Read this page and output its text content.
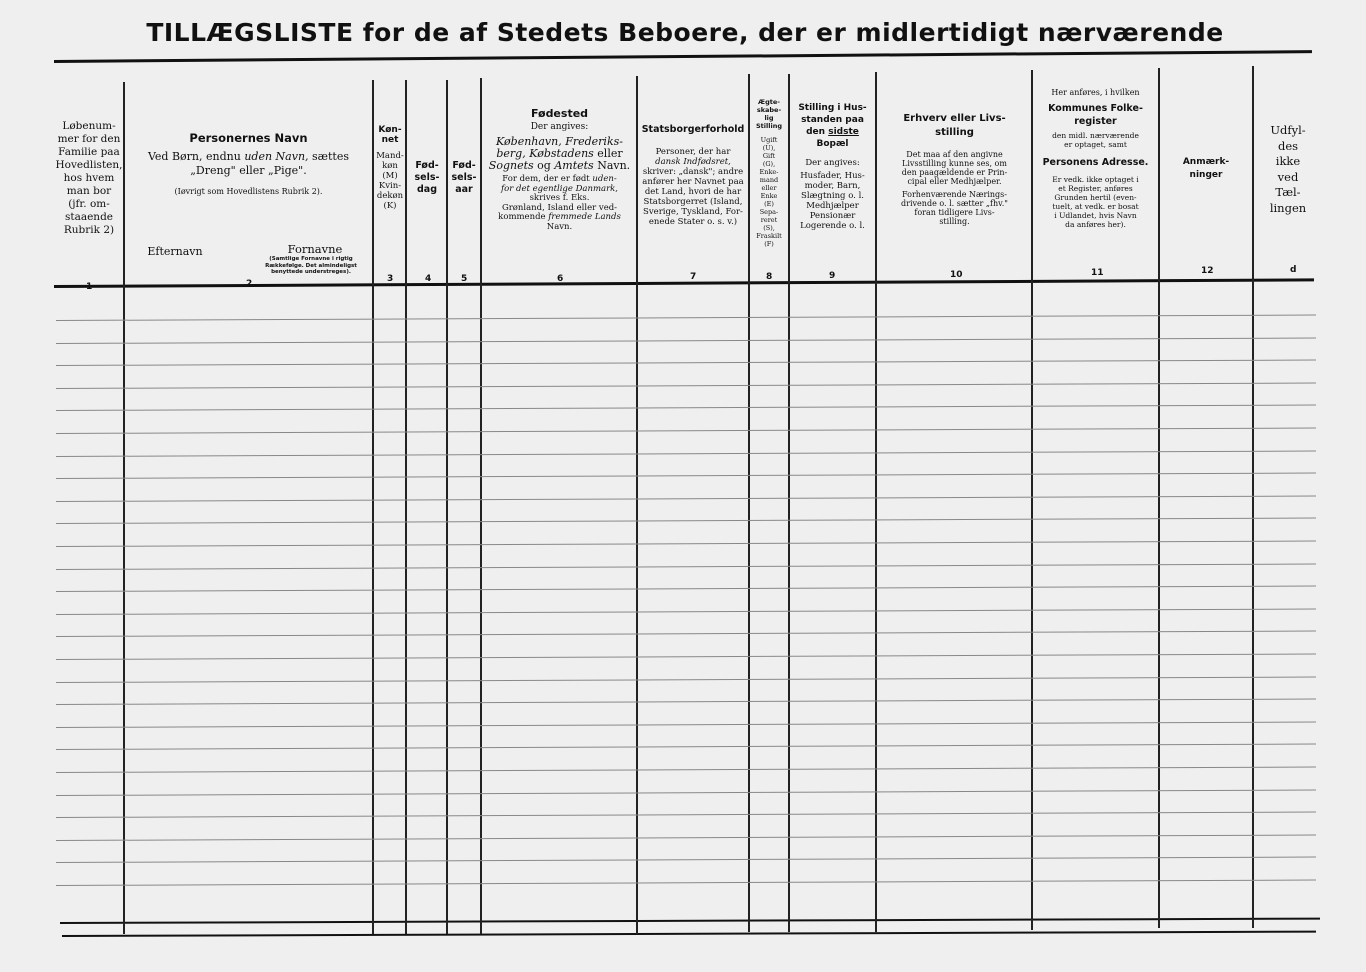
TILLÆGSLISTE for de af Stedets Beboere, der er midlertidigt nærværende
Løbenum-
mer for den
Familie paa
Hovedlisten,
hos hvem
man bor
(jfr. om-
staaende
Rubrik 2)
Personernes Navn
Ved Børn, endnu uden Navn, sættes
„Dreng" eller „Pige".
(Iøvrigt som Hovedlistens Rubrik 2).
Efternavn	Fornavne
(Samtlige Fornavne i rigtig Rækkefølge. Det almindeligst benyttede understreges).
Køn-
net
Mand-
køn
(M)
Kvin-
dekøn
(K)
Fød-
sels-
dag
Fød-
sels-
aar
Fødested
Der angives:
København, Frederiks-
berg, Købstadens eller
Sognets og Amtets Navn.
For dem, der er født uden-
for det egentlige Danmark,
skrives f. Eks.
Grønland, Island eller ved-
kommende fremmede Lands
Navn.
Statsborgerforhold
Personer, der har
dansk Indfødsret,
skriver: „dansk"; andre
anfører her Navnet paa
det Land, hvori de har
Statsborgerret (Island,
Sverige, Tyskland, For-
enede Stater o. s. v.)
Ægte-
skabe-
lig
Stilling
Ugift
(U),
Gift
(G),
Enke-
mand
eller
Enke
(E)
Sepa-
reret
(S),
Fraskilt
(F)
Stilling i Hus-
standen paa
den sidste
Bopæl
Der angives:
Husfader, Hus-
moder, Barn,
Slægtning o. l.
Medhjælper
Pensionær
Logerende o. l.
Erhverv eller Livs-
stilling
Det maa af den angivne
Livsstilling kunne ses, om
den paagældende er Prin-
cipal eller Medhjælper.
Forhenværende Nærings-
drivende o. l. sætter „fhv."
foran tidligere Livs-
stilling.
Her anføres, i hvilken
Kommunes Folke-
register
den midl. nærværende
er optaget, samt
Personens Adresse.
Er vedk. ikke optaget i
et Register, anføres
Grunden hertil (even-
tuelt, at vedk. er bosat
i Udlandet, hvis Navn
da anføres her).
Anmærk-
ninger
Udfyl-
des
ikke
ved
Tæl-
lingen
1	2	3	4	5	6	7	8	9	10	11	12	d
